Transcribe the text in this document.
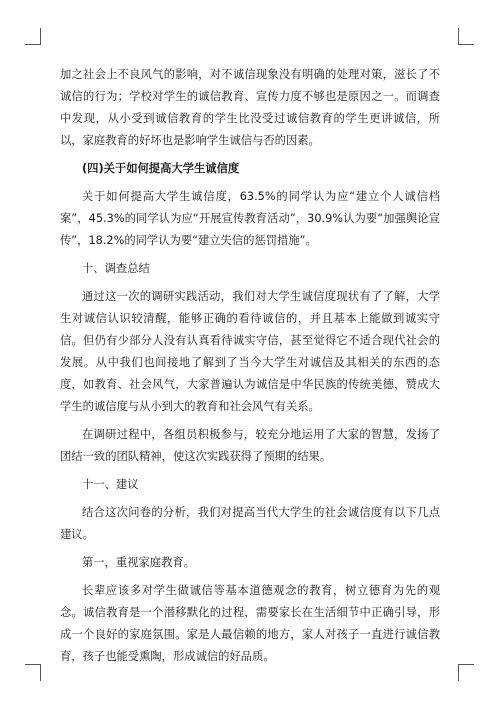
加之社会上不良风气的影响，对不诚信现象没有明确的处理对策，滋长了不诚信的行为；学校对学生的诚信教育、宣传力度不够也是原因之一。而调查中发现，从小受到诚信教育的学生比没受过诚信教育的学生更讲诚信，所以，家庭教育的好坏也是影响学生诚信与否的因素。

(四)关于如何提高大学生诚信度

关于如何提高大学生诚信度，63.5%的同学认为应“建立个人诚信档案”，45.3%的同学认为应“开展宣传教育活动”，30.9%认为要“加强舆论宣传”，18.2%的同学认为要“建立失信的惩罚措施”。

十、调查总结

通过这一次的调研实践活动，我们对大学生诚信度现状有了了解，大学生对诚信认识较清醒，能够正确的看待诚信的，并且基本上能做到诚实守信。但仍有少部分人没有认真看待诚实守信，甚至觉得它不适合现代社会的发展。从中我们也间接地了解到了当今大学生对诚信及其相关的东西的态度，如教育、社会风气，大家普遍认为诚信是中华民族的传统美德，赞成大学生的诚信度与从小到大的教育和社会风气有关系。

在调研过程中，各组员积极参与，较充分地运用了大家的智慧，发扬了团结一致的团队精神，使这次实践获得了预期的结果。

十一、建议

结合这次问卷的分析，我们对提高当代大学生的社会诚信度有以下几点建议。

第一，重视家庭教育。

长辈应该多对学生做诚信等基本道德观念的教育，树立德育为先的观念。诚信教育是一个潜移默化的过程，需要家长在生活细节中正确引导，形成一个良好的家庭氛围。家是人最信赖的地方，家人对孩子一直进行诚信教育，孩子也能受熏陶，形成诚信的好品质。
